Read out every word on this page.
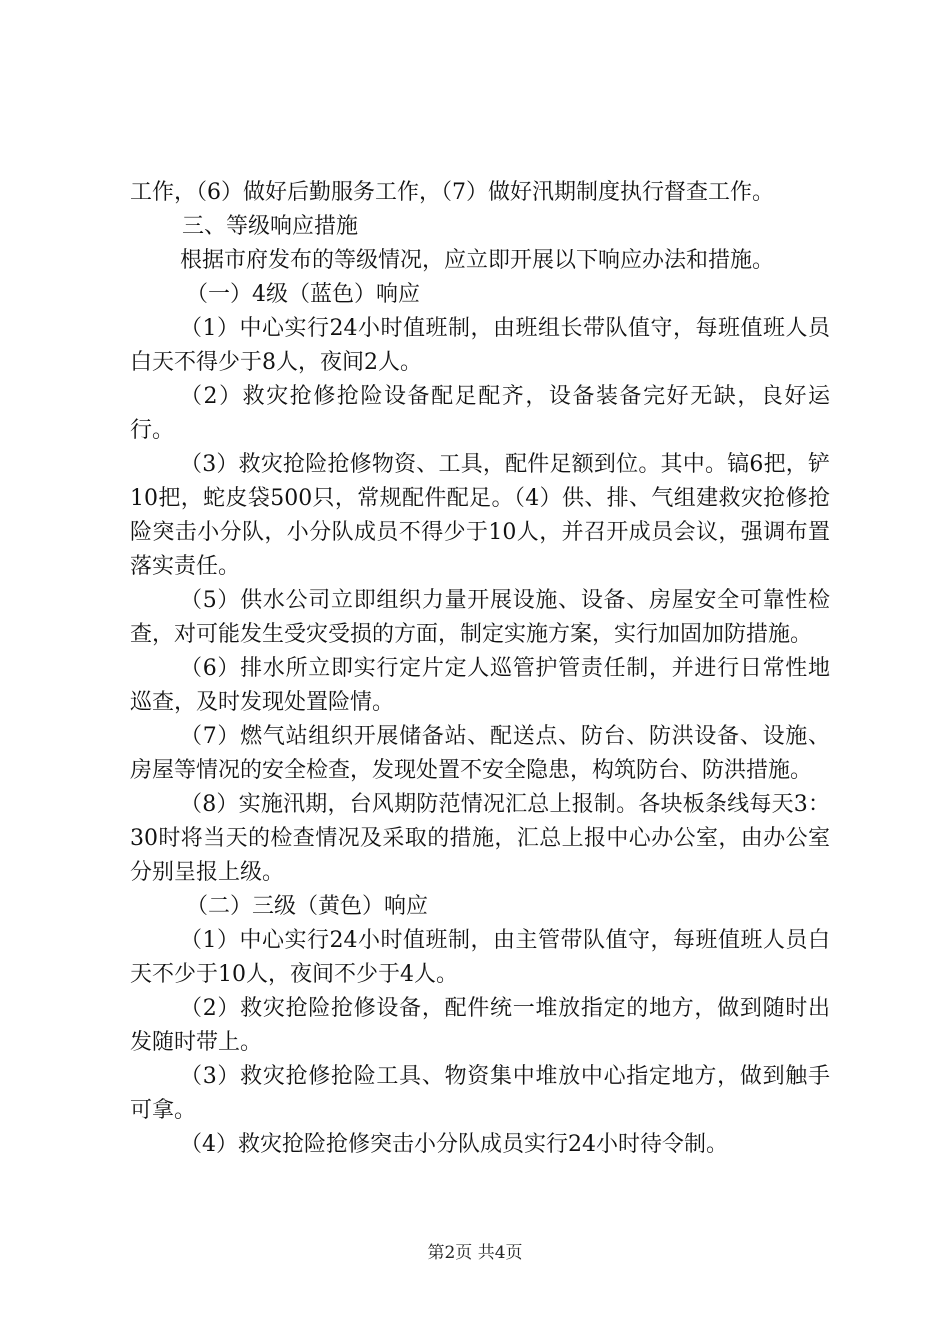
工作，（6）做好后勤服务工作，（7）做好汛期制度执行督查工作。

三、等级响应措施

根据市府发布的等级情况，应立即开展以下响应办法和措施。

（一）4级（蓝色）响应

（1）中心实行24小时值班制，由班组长带队值守，每班值班人员白天不得少于8人，夜间2人。

（2）救灾抢修抢险设备配足配齐，设备装备完好无缺，良好运行。

（3）救灾抢险抢修物资、工具，配件足额到位。其中。镐6把，铲10把，蛇皮袋500只，常规配件配足。（4）供、排、气组建救灾抢修抢险突击小分队，小分队成员不得少于10人，并召开成员会议，强调布置落实责任。

（5）供水公司立即组织力量开展设施、设备、房屋安全可靠性检查，对可能发生受灾受损的方面，制定实施方案，实行加固加防措施。

（6）排水所立即实行定片定人巡管护管责任制，并进行日常性地巡查，及时发现处置险情。

（7）燃气站组织开展储备站、配送点、防台、防洪设备、设施、房屋等情况的安全检查，发现处置不安全隐患，构筑防台、防洪措施。

（8）实施汛期，台风期防范情况汇总上报制。各块板条线每天3：30时将当天的检查情况及采取的措施，汇总上报中心办公室，由办公室分别呈报上级。

（二）三级（黄色）响应

（1）中心实行24小时值班制，由主管带队值守，每班值班人员白天不少于10人，夜间不少于4人。

（2）救灾抢险抢修设备，配件统一堆放指定的地方，做到随时出发随时带上。

（3）救灾抢修抢险工具、物资集中堆放中心指定地方，做到触手可拿。

（4）救灾抢险抢修突击小分队成员实行24小时待令制。

第2页 共4页
